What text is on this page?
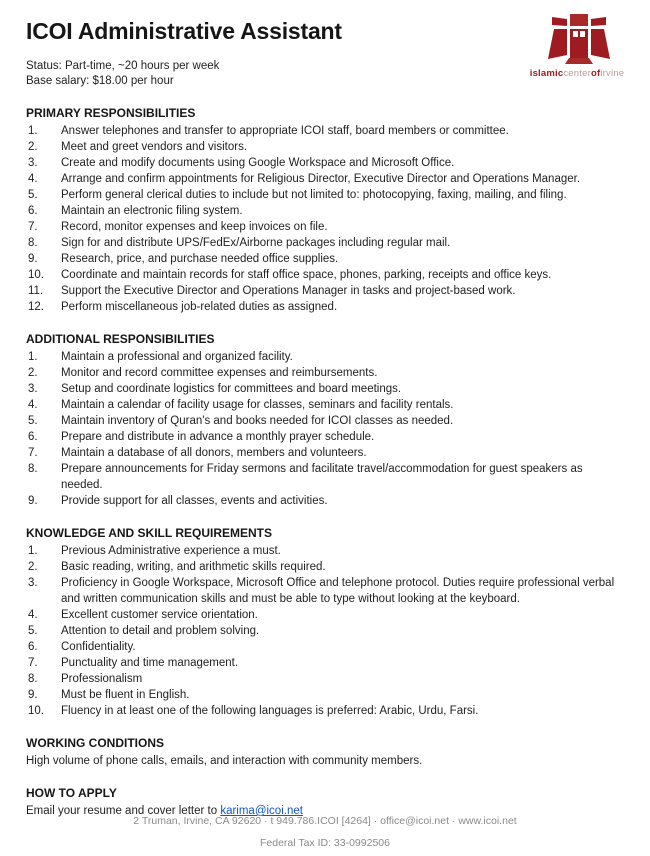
islamiccenterofirvine
ICOI Administrative Assistant

Status: Part-time, ~20 hours per week

Base salary: $18.00 per hour

PRIMARY RESPONSIBILITIES
1.	Answer telephones and transfer to appropriate ICOI staff, board members or committee.
2.	Meet and greet vendors and visitors.
3.	Create and modify documents using Google Workspace and Microsoft Office.
4.	Arrange and confirm appointments for Religious Director, Executive Director and Operations Manager.
5.	Perform general clerical duties to include but not limited to: photocopying, faxing, mailing, and filing.
6.	Maintain an electronic filing system.
7.	Record, monitor expenses and keep invoices on file.
8.	Sign for and distribute UPS/FedEx/Airborne packages including regular mail.
9.	Research, price, and purchase needed office supplies.
10.	Coordinate and maintain records for staff office space, phones, parking, receipts and office keys.
11.	Support the Executive Director and Operations Manager in tasks and project-based work.
12.	Perform miscellaneous job-related duties as assigned.
ADDITIONAL RESPONSIBILITIES
1.	Maintain a professional and organized facility.
2.	Monitor and record committee expenses and reimbursements.
3.	Setup and coordinate logistics for committees and board meetings.
4.	Maintain a calendar of facility usage for classes, seminars and facility rentals.
5.	Maintain inventory of Quran's and books needed for ICOI classes as needed.
6.	Prepare and distribute in advance a monthly prayer schedule.
7.	Maintain a database of all donors, members and volunteers.
8.	Prepare announcements for Friday sermons and facilitate travel/accommodation for guest speakers as needed.
9.	Provide support for all classes, events and activities.
KNOWLEDGE AND SKILL REQUIREMENTS
1.	Previous Administrative experience a must.
2.	Basic reading, writing, and arithmetic skills required.
3.	Proficiency in Google Workspace, Microsoft Office and telephone protocol. Duties require professional verbal and written communication skills and must be able to type without looking at the keyboard.
4.	Excellent customer service orientation.
5.	Attention to detail and problem solving.
6.	Confidentiality.
7.	Punctuality and time management.
8.	Professionalism
9.	Must be fluent in English.
10.	Fluency in at least one of the following languages is preferred: Arabic, Urdu, Farsi.
WORKING CONDITIONS

High volume of phone calls, emails, and interaction with community members.

HOW TO APPLY

Email your resume and cover letter to karima@icoi.net

2 Truman, Irvine, CA 92620 · t 949.786.ICOI [4264] · office@icoi.net · www.icoi.net
Federal Tax ID: 33-0992506
